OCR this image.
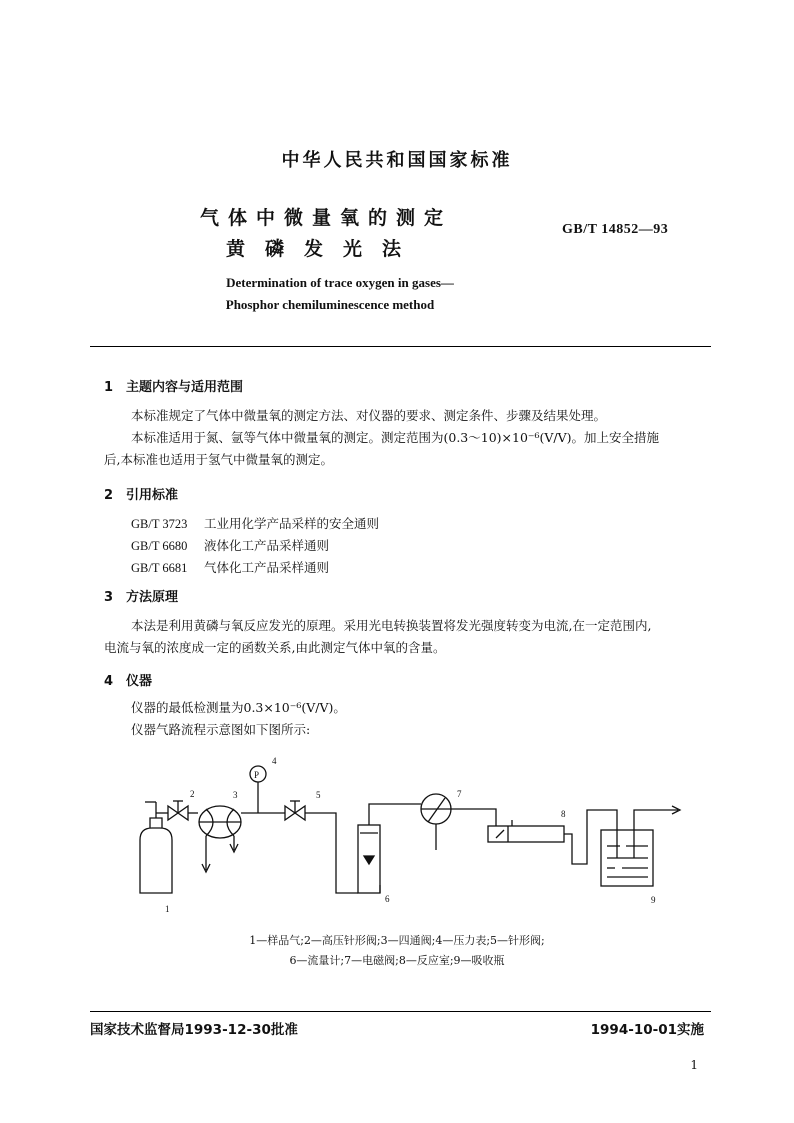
中华人民共和国国家标准
气体中微量氧的测定
黄磷发光法
GB/T 14852—93
Determination of trace oxygen in gases—
Phosphor chemiluminescence method
1 主题内容与适用范围
本标准规定了气体中微量氧的测定方法、对仪器的要求、测定条件、步骤及结果处理。
本标准适用于氮、氩等气体中微量氧的测定。测定范围为(0.3～10)×10⁻⁶(V/V)。加上安全措施
后,本标准也适用于氢气中微量氧的测定。
2 引用标准
GB/T 3723 工业用化学产品采样的安全通则
GB/T 6680 液体化工产品采样通则
GB/T 6681 气体化工产品采样通则
3 方法原理
本法是利用黄磷与氧反应发光的原理。采用光电转换装置将发光强度转变为电流,在一定范围内,
电流与氧的浓度成一定的函数关系,由此测定气体中氧的含量。
4 仪器
仪器的最低检测量为0.3×10⁻⁶(V/V)。
仪器气路流程示意图如下图所示:
1
2	3
4
5
6
7
8
9
P
1—样品气;2—高压针形阀;3—四通阀;4—压力表;5—针形阀;
6—流量计;7—电磁阀;8—反应室;9—吸收瓶
国家技术监督局1993-12-30批准	1994-10-01实施
1
